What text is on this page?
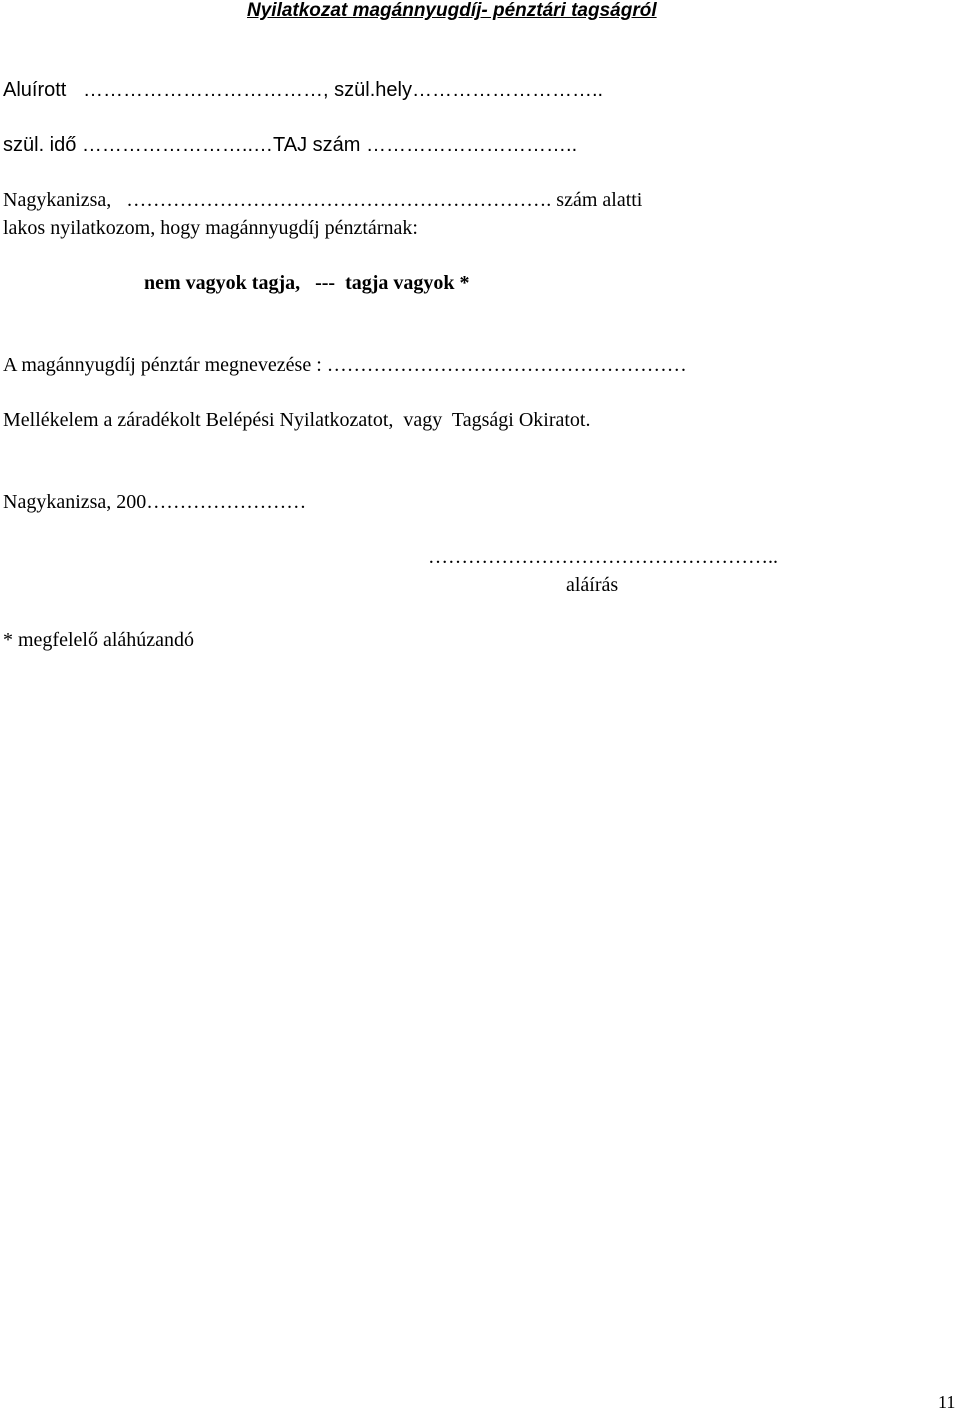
Nyilatkozat magánnyugdíj- pénztári tagságról
Aluírott   ………………………………, szül.hely………………………..
szül. idő ……………………..…TAJ szám …………………………..
Nagykanizsa,   ………………………………………………………. szám alatti
lakos nyilatkozom, hogy magánnyugdíj pénztárnak:
nem vagyok tagja,   ---  tagja vagyok *
A magánnyugdíj pénztár megnevezése : ………………………………………………
Mellékelem a záradékolt Belépési Nyilatkozatot,  vagy  Tagsági Okiratot.
Nagykanizsa, 200……………………
……………………………………………..
aláírás
* megfelelő aláhúzandó
11
